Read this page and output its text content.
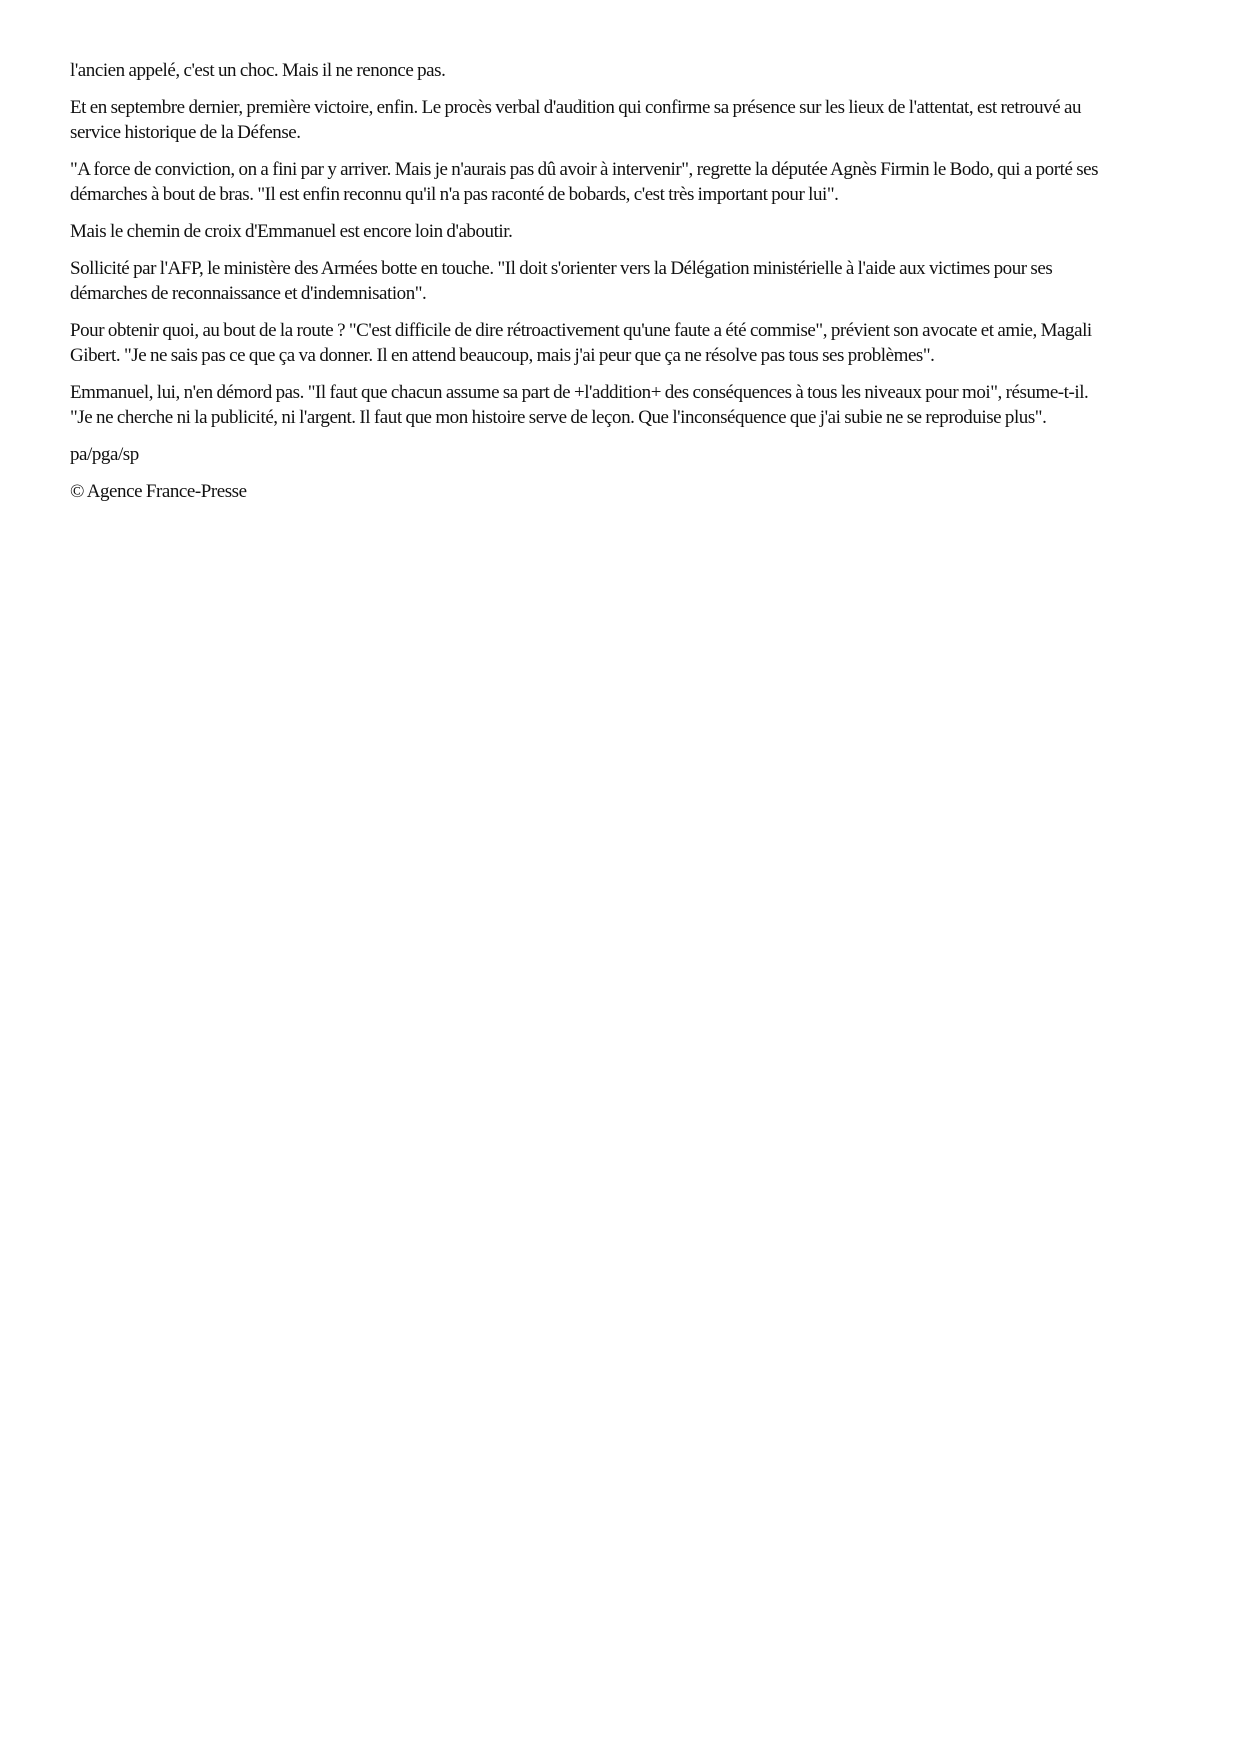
l'ancien appelé, c'est un choc. Mais il ne renonce pas.

Et en septembre dernier, première victoire, enfin. Le procès verbal d'audition qui confirme sa présence sur les lieux de l'attentat, est retrouvé au
service historique de la Défense.

"A force de conviction, on a fini par y arriver. Mais je n'aurais pas dû avoir à intervenir", regrette la députée Agnès Firmin le Bodo, qui a porté ses
démarches à bout de bras. "Il est enfin reconnu qu'il n'a pas raconté de bobards, c'est très important pour lui".

Mais le chemin de croix d'Emmanuel est encore loin d'aboutir.

Sollicité par l'AFP, le ministère des Armées botte en touche. "Il doit s'orienter vers la Délégation ministérielle à l'aide aux victimes pour ses
démarches de reconnaissance et d'indemnisation".

Pour obtenir quoi, au bout de la route ? "C'est difficile de dire rétroactivement qu'une faute a été commise", prévient son avocate et amie, Magali
Gibert. "Je ne sais pas ce que ça va donner. Il en attend beaucoup, mais j'ai peur que ça ne résolve pas tous ses problèmes".

Emmanuel, lui, n'en démord pas. "Il faut que chacun assume sa part de +l'addition+ des conséquences à tous les niveaux pour moi", résume-t-il.
"Je ne cherche ni la publicité, ni l'argent. Il faut que mon histoire serve de leçon. Que l'inconséquence que j'ai subie ne se reproduise plus".

pa/pga/sp

© Agence France-Presse
